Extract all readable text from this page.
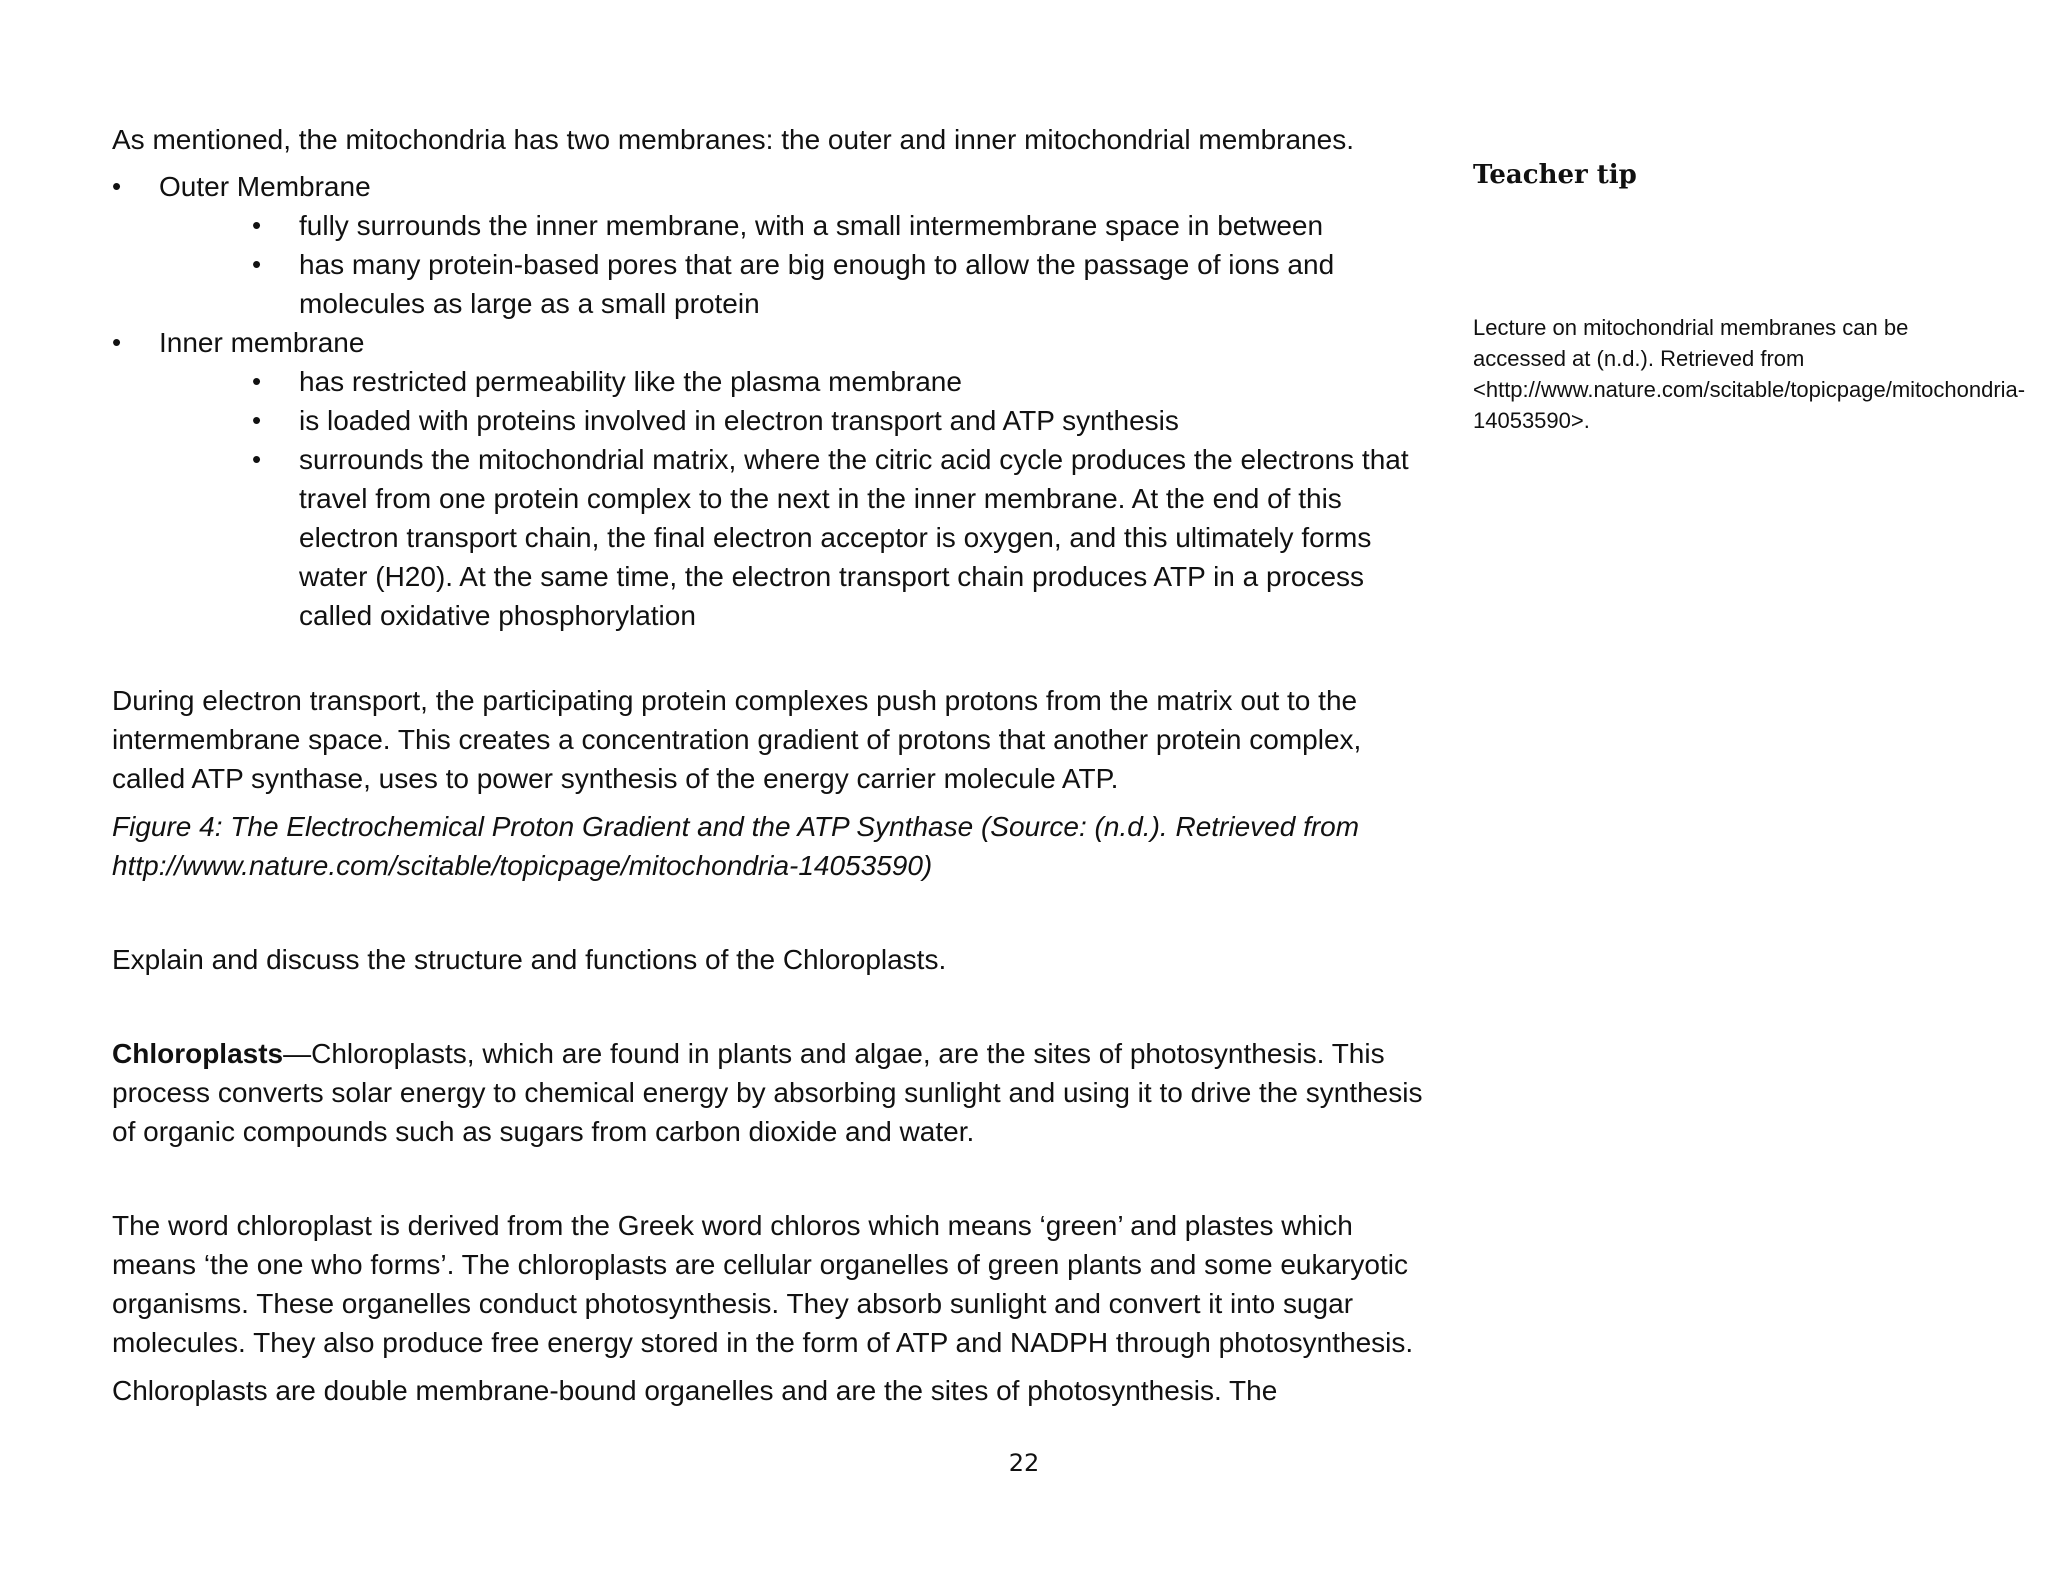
As mentioned, the mitochondria has two membranes: the outer and inner mitochondrial membranes.

•	Outer Membrane
•	fully surrounds the inner membrane, with a small intermembrane space in between
•	has many protein-based pores that are big enough to allow the passage of ions and molecules as large as a small protein
•	Inner membrane
•	has restricted permeability like the plasma membrane
•	is loaded with proteins involved in electron transport and ATP synthesis
•	surrounds the mitochondrial matrix, where the citric acid cycle produces the electrons that travel from one protein complex to the next in the inner membrane. At the end of this electron transport chain, the final electron acceptor is oxygen, and this ultimately forms water (H20). At the same time, the electron transport chain produces ATP in a process called oxidative phosphorylation

During electron transport, the participating protein complexes push protons from the matrix out to the intermembrane space. This creates a concentration gradient of protons that another protein complex, called ATP synthase, uses to power synthesis of the energy carrier molecule ATP.

Figure 4: The Electrochemical Proton Gradient and the ATP Synthase (Source: (n.d.). Retrieved from http://www.nature.com/scitable/topicpage/mitochondria-14053590)

Explain and discuss the structure and functions of the Chloroplasts.

Chloroplasts—Chloroplasts, which are found in plants and algae, are the sites of photosynthesis. This process converts solar energy to chemical energy by absorbing sunlight and using it to drive the synthesis of organic compounds such as sugars from carbon dioxide and water.

The word chloroplast is derived from the Greek word chloros which means ‘green’ and plastes which means ‘the one who forms’. The chloroplasts are cellular organelles of green plants and some eukaryotic organisms. These organelles conduct photosynthesis. They absorb sunlight and convert it into sugar molecules. They also produce free energy stored in the form of ATP and NADPH through photosynthesis.

Chloroplasts are double membrane-bound organelles and are the sites of photosynthesis. The

Teacher tip

Lecture on mitochondrial membranes can be accessed at (n.d.). Retrieved from <http://www.nature.com/scitable/topicpage/mitochondria-14053590>.

22
